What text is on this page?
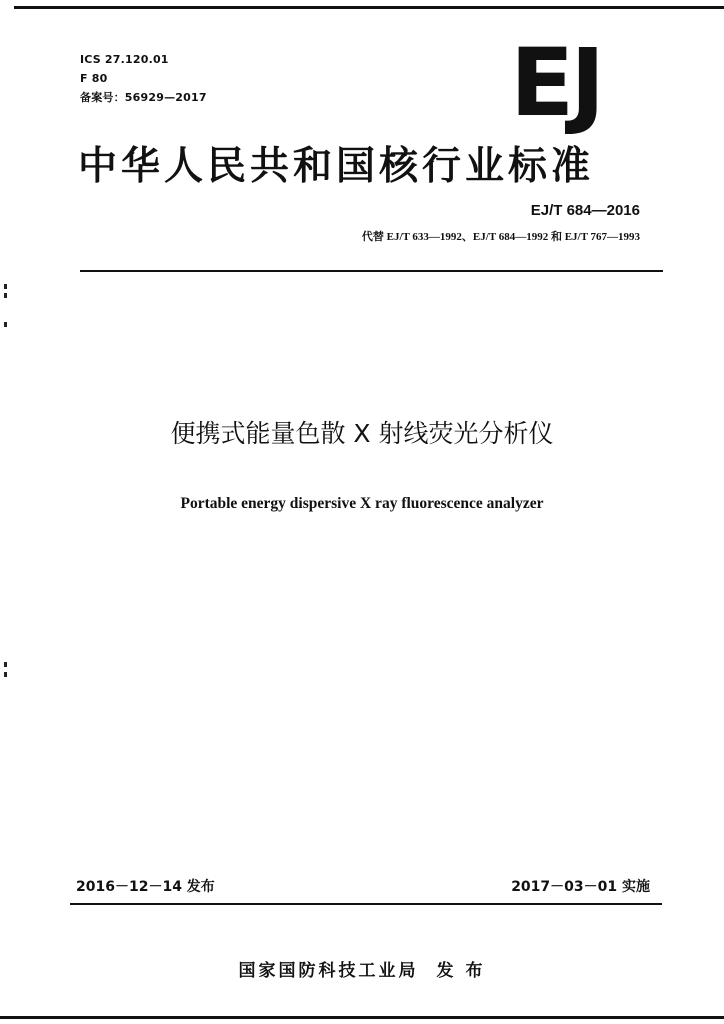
ICS 27.120.01
F 80
备案号：56929—2017	EJ
中华人民共和国核行业标准
EJ/T 684—2016
代替 EJ/T 633—1992、EJ/T 684—1992 和 EJ/T 767—1993
便携式能量色散 X 射线荧光分析仪
Portable energy dispersive X ray fluorescence analyzer
2016－12－14 发布	2017－03－01 实施
国家国防科技工业局 发 布
